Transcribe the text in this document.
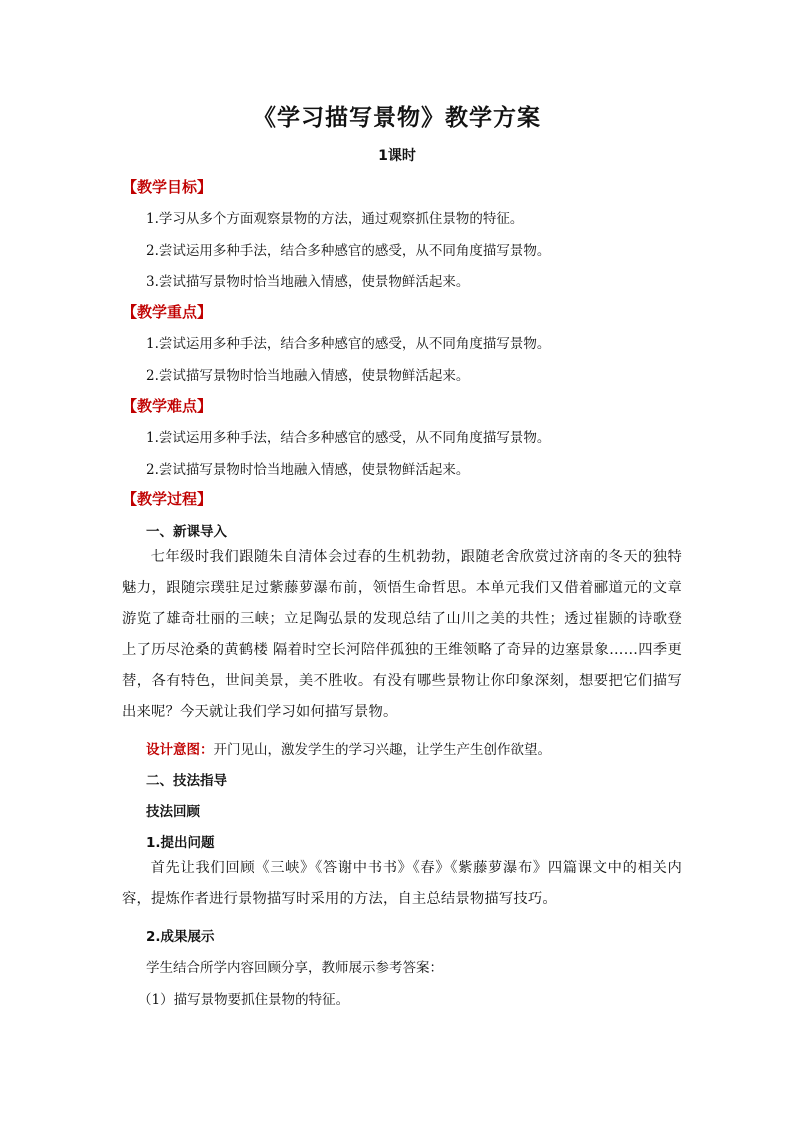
《学习描写景物》教学方案
1课时
【教学目标】
1.学习从多个方面观察景物的方法，通过观察抓住景物的特征。
2.尝试运用多种手法，结合多种感官的感受，从不同角度描写景物。
3.尝试描写景物时恰当地融入情感，使景物鲜活起来。
【教学重点】
1.尝试运用多种手法，结合多种感官的感受，从不同角度描写景物。
2.尝试描写景物时恰当地融入情感，使景物鲜活起来。
【教学难点】
1.尝试运用多种手法，结合多种感官的感受，从不同角度描写景物。
2.尝试描写景物时恰当地融入情感，使景物鲜活起来。
【教学过程】
一、新课导入
七年级时我们跟随朱自清体会过春的生机勃勃，跟随老舍欣赏过济南的冬天的独特魅力，跟随宗璞驻足过紫藤萝瀑布前，领悟生命哲思。本单元我们又借着郦道元的文章游览了雄奇壮丽的三峡；立足陶弘景的发现总结了山川之美的共性；透过崔颢的诗歌登上了历尽沧桑的黄鹤楼 隔着时空长河陪伴孤独的王维领略了奇异的边塞景象……四季更替，各有特色，世间美景，美不胜收。有没有哪些景物让你印象深刻，想要把它们描写出来呢？今天就让我们学习如何描写景物。
设计意图：开门见山，激发学生的学习兴趣，让学生产生创作欲望。
二、技法指导
技法回顾
1.提出问题
首先让我们回顾《三峡》《答谢中书书》《春》《紫藤萝瀑布》四篇课文中的相关内容，提炼作者进行景物描写时采用的方法，自主总结景物描写技巧。
2.成果展示
学生结合所学内容回顾分享，教师展示参考答案：
（1）描写景物要抓住景物的特征。
